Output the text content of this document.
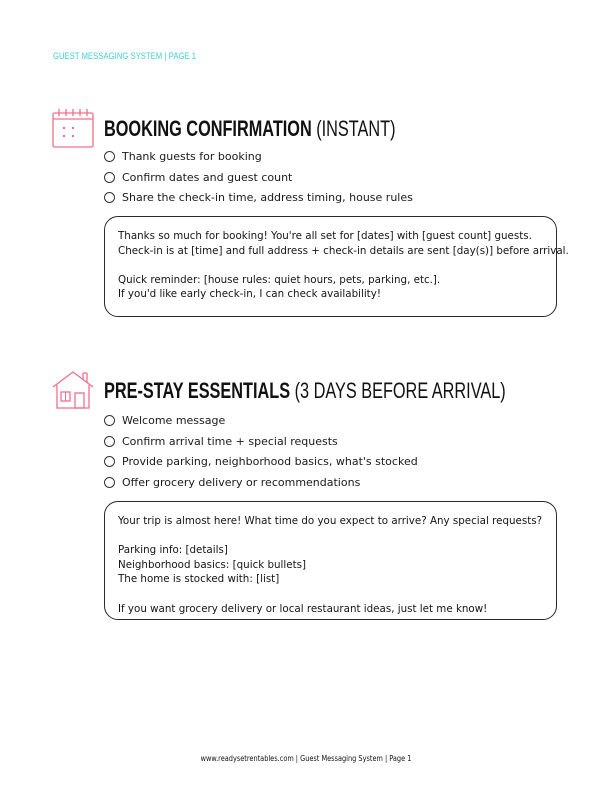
GUEST MESSAGING SYSTEM | PAGE 1
BOOKING CONFIRMATION (INSTANT)
Thank guests for booking
Confirm dates and guest count
Share the check-in time, address timing, house rules

Thanks so much for booking! You're all set for [dates] with [guest count] guests.

Check-in is at [time] and full address + check-in details are sent [day(s)] before arrival.

Quick reminder: [house rules: quiet hours, pets, parking, etc.].

If you'd like early check-in, I can check availability!

PRE-STAY ESSENTIALS (3 DAYS BEFORE ARRIVAL)
Welcome message
Confirm arrival time + special requests
Provide parking, neighborhood basics, what's stocked
Offer grocery delivery or recommendations

Your trip is almost here! What time do you expect to arrive? Any special requests?

Parking info: [details]

Neighborhood basics: [quick bullets]

The home is stocked with: [list]

If you want grocery delivery or local restaurant ideas, just let me know!

www.readysetrentables.com | Guest Messaging System | Page 1
